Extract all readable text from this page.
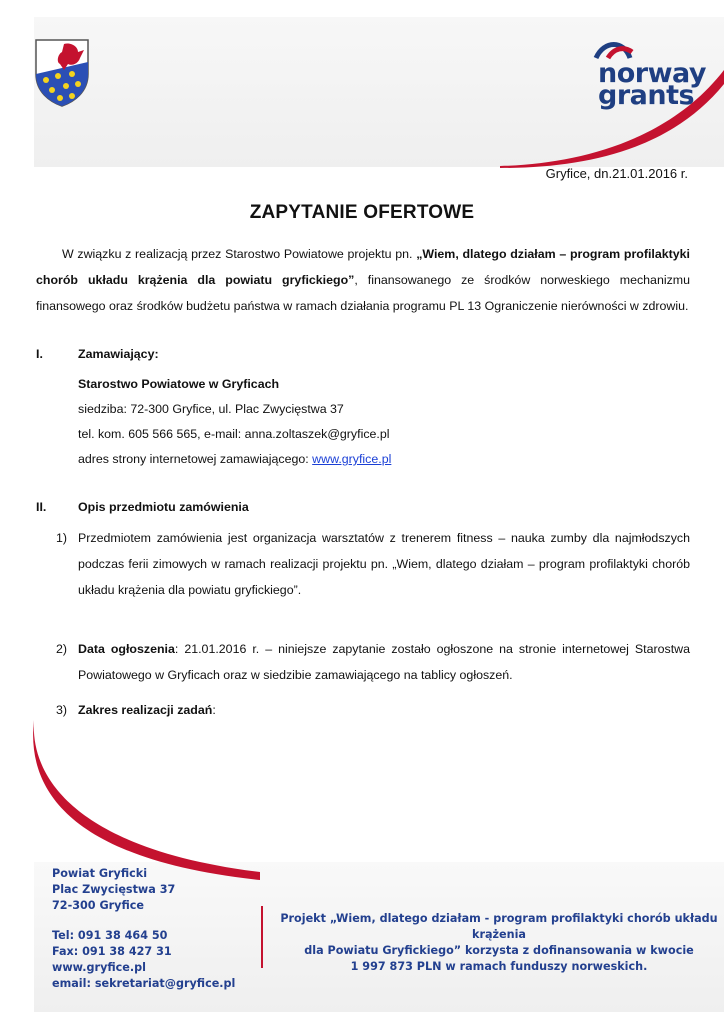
norway
grants
Gryfice, dn.21.01.2016 r.
ZAPYTANIE OFERTOWE
W związku z realizacją przez Starostwo Powiatowe projektu pn. „Wiem, dlatego działam – program profilaktyki chorób układu krążenia dla powiatu gryfickiego”, finansowanego ze środków norweskiego mechanizmu finansowego oraz środków budżetu państwa w ramach działania programu PL 13 Ograniczenie nierówności w zdrowiu.
I.	Zamawiający:
Starostwo Powiatowe w Gryficach
siedziba: 72-300 Gryfice, ul. Plac Zwycięstwa 37
tel. kom. 605 566 565, e-mail: anna.zoltaszek@gryfice.pl
adres strony internetowej zamawiającego: www.gryfice.pl
II.	Opis przedmiotu zamówienia
1) Przedmiotem zamówienia jest organizacja warsztatów z trenerem fitness – nauka zumby dla najmłodszych podczas ferii zimowych w ramach realizacji projektu pn. „Wiem, dlatego działam – program profilaktyki chorób układu krążenia dla powiatu gryfickiego”.
2) Data ogłoszenia: 21.01.2016 r. – niniejsze zapytanie zostało ogłoszone na stronie internetowej Starostwa Powiatowego w Gryficach oraz w siedzibie zamawiającego na tablicy ogłoszeń.
3) Zakres realizacji zadań:
Powiat Gryficki
Plac Zwycięstwa 37
72-300 Gryfice
Tel: 091 38 464 50
Fax: 091 38 427 31
www.gryfice.pl
email: sekretariat@gryfice.pl
Projekt „Wiem, dlatego działam - program profilaktyki chorób układu krążenia
dla Powiatu Gryfickiego” korzysta z dofinansowania w kwocie
1 997 873 PLN w ramach funduszy norweskich.
